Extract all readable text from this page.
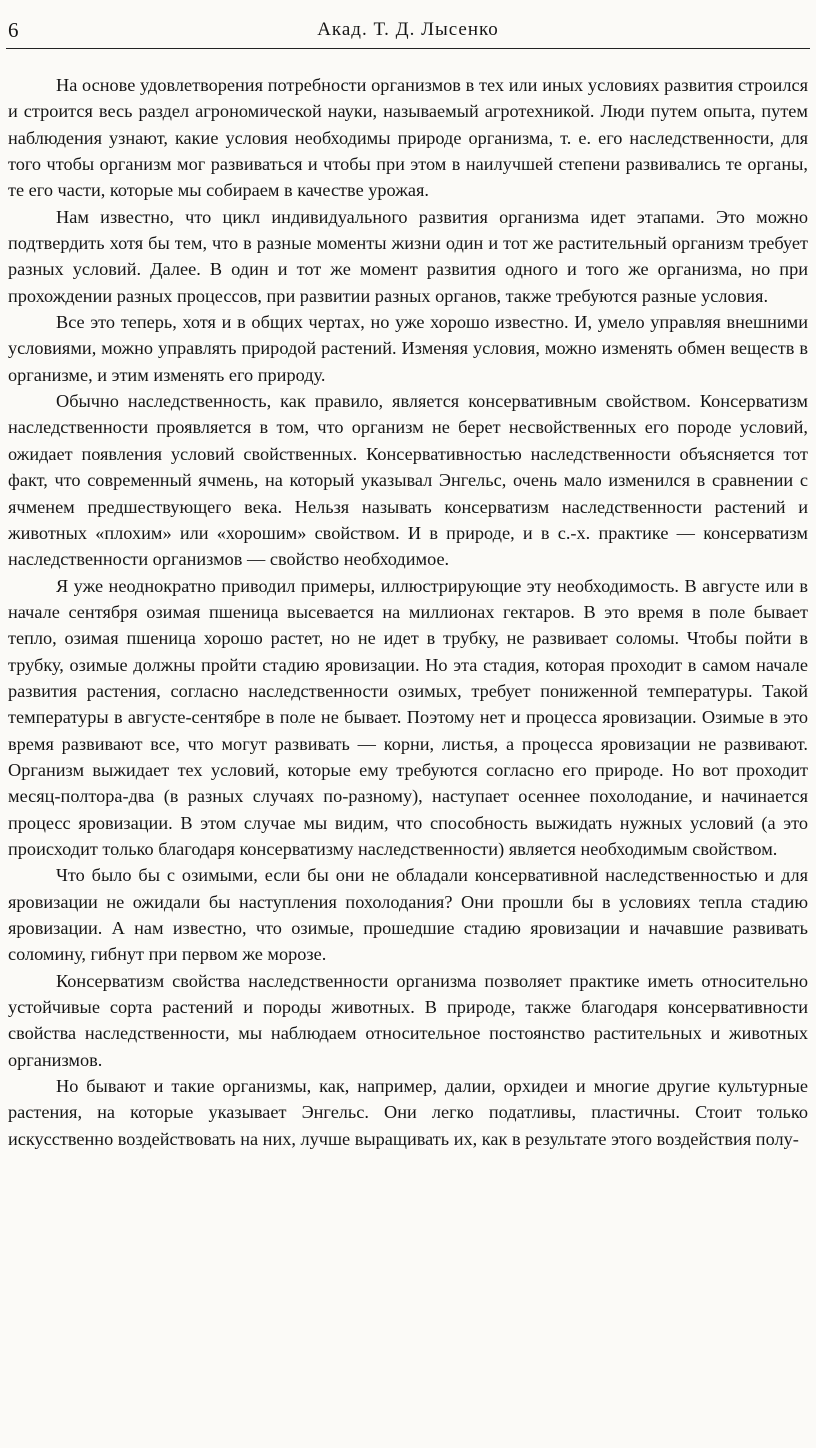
6	Акад. Т. Д. Лысенко

На основе удовлетворения потребности организмов в тех или иных условиях развития строился и строится весь раздел агрономической науки, называемый агротехникой. Люди путем опыта, путем наблюдения узнают, какие условия необходимы природе организма, т. е. его наследственности, для того чтобы организм мог развиваться и чтобы при этом в наилучшей степени развивались те органы, те его части, которые мы собираем в качестве урожая.

Нам известно, что цикл индивидуального развития организма идет этапами. Это можно подтвердить хотя бы тем, что в разные моменты жизни один и тот же растительный организм требует разных условий. Далее. В один и тот же момент развития одного и того же организма, но при прохождении разных процессов, при развитии разных органов, также требуются разные условия.

Все это теперь, хотя и в общих чертах, но уже хорошо известно. И, умело управляя внешними условиями, можно управлять природой растений. Изменяя условия, можно изменять обмен веществ в организме, и этим изменять его природу.

Обычно наследственность, как правило, является консервативным свойством. Консерватизм наследственности проявляется в том, что организм не берет несвойственных его породе условий, ожидает появления условий свойственных. Консервативностью наследственности объясняется тот факт, что современный ячмень, на который указывал Энгельс, очень мало изменился в сравнении с ячменем предшествующего века. Нельзя называть консерватизм наследственности растений и животных «плохим» или «хорошим» свойством. И в природе, и в с.-х. практике — консерватизм наследственности организмов — свойство необходимое.

Я уже неоднократно приводил примеры, иллюстрирующие эту необходимость. В августе или в начале сентября озимая пшеница высевается на миллионах гектаров. В это время в поле бывает тепло, озимая пшеница хорошо растет, но не идет в трубку, не развивает соломы. Чтобы пойти в трубку, озимые должны пройти стадию яровизации. Но эта стадия, которая проходит в самом начале развития растения, согласно наследственности озимых, требует пониженной температуры. Такой температуры в августе-сентябре в поле не бывает. Поэтому нет и процесса яровизации. Озимые в это время развивают все, что могут развивать — корни, листья, а процесса яровизации не развивают. Организм выжидает тех условий, которые ему требуются согласно его природе. Но вот проходит месяц-полтора-два (в разных случаях по-разному), наступает осеннее похолодание, и начинается процесс яровизации. В этом случае мы видим, что способность выжидать нужных условий (а это происходит только благодаря консерватизму наследственности) является необходимым свойством.

Что было бы с озимыми, если бы они не обладали консервативной наследственностью и для яровизации не ожидали бы наступления похолодания? Они прошли бы в условиях тепла стадию яровизации. А нам известно, что озимые, прошедшие стадию яровизации и начавшие развивать соломину, гибнут при первом же морозе.

Консерватизм свойства наследственности организма позволяет практике иметь относительно устойчивые сорта растений и породы животных. В природе, также благодаря консервативности свойства наследственности, мы наблюдаем относительное постоянство растительных и животных организмов.

Но бывают и такие организмы, как, например, далии, орхидеи и многие другие культурные растения, на которые указывает Энгельс. Они легко податливы, пластичны. Стоит только искусственно воздействовать на них, лучше выращивать их, как в результате этого воздействия полу-
